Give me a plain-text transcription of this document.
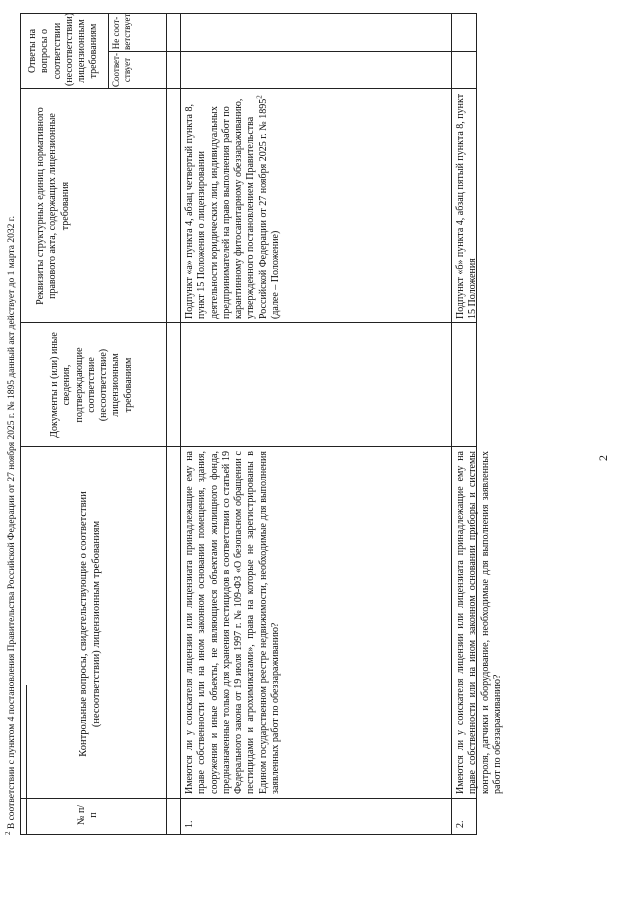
2
№ п/п
Контрольные вопросы, свидетельствующие о соответствии (несоответствии) лицензионным требованиям
Документы и (или) иные сведения, подтверждающие соответствие (несоответствие) лицензионным требованиям
Реквизиты структурных единиц нормативного правового акта, содержащих лицензионные требования
Ответы на вопросы о соответствии (несоответствии) лицензионным требованиям Соответ-ствует
Не соот-ветствует
1.
Имеются ли у соискателя лицензии или лицензиата принадлежащие ему на праве собственности или на ином законном основании помещения, здания, сооружения и иные объекты, не являющиеся объектами жилищного фонда, предназначенные только для хранения пестицидов в соответствии со статьей 19 Федерального закона от 19 июля 1997 г. № 109-ФЗ «О безопасном обращении с пестицидами и агрохимикатами», права на которые не зарегистрированы в Едином государственном реестре недвижимости, необходимые для выполнения заявленных работ по обеззараживанию?
Подпункт «а» пункта 4, абзац четвертый пункта 8, пункт 15 Положения о лицензировании деятельности юридических лиц, индивидуальных предпринимателей на право выполнения работ по карантинному фитосанитарному обеззараживанию, утвержденного постановлением Правительства Российской Федерации от 27 ноября 2025 г. № 1895$^2$ (далее – Положение)
2.
Имеются ли у соискателя лицензии или лицензиата принадлежащие ему на праве собственности или на ином законном основании приборы и системы контроля, датчики и оборудование, необходимые для выполнения заявленных работ по обеззараживанию?
Подпункт «б» пункта 4, абзац пятый пункта 8, пункт 15 Положения
$^2$ В соответствии с пунктом 4 постановления Правительства Российской Федерации от 27 ноября 2025 г. № 1895 данный акт действует до 1 марта 2032 г.
